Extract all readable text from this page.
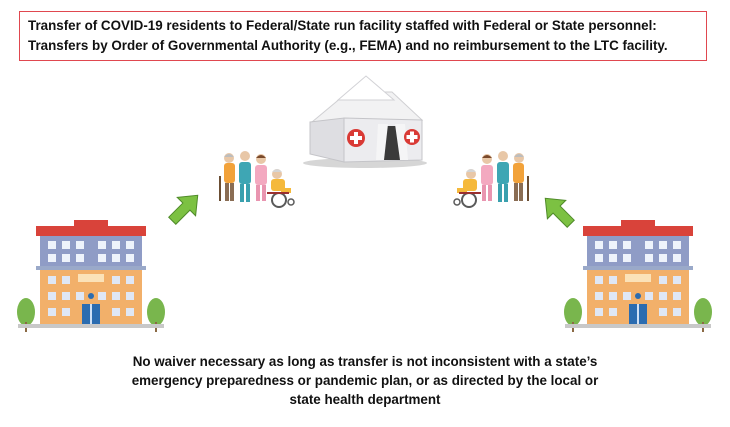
Transfer of COVID-19 residents to Federal/State run facility staffed with Federal or State personnel:
Transfers by Order of Governmental Authority (e.g., FEMA) and no reimbursement to the LTC facility.
No waiver necessary as long as transfer is not inconsistent with a state’s
emergency preparedness or pandemic plan, or as directed by the local or
state health department
